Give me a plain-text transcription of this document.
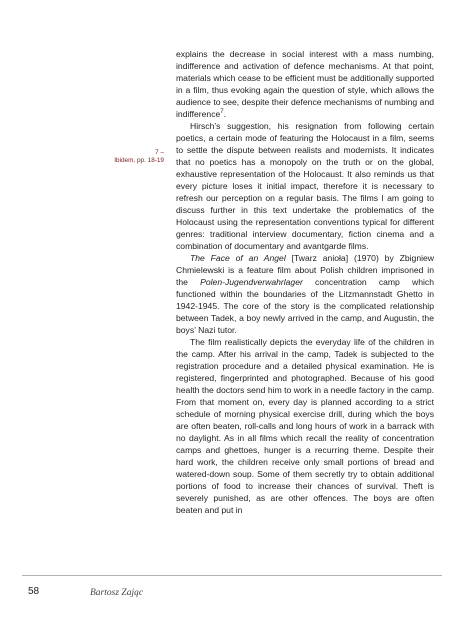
7 –
Ibidem, pp. 18-19

explains the decrease in social interest with a mass numbing, indifference and activation of defence mechanisms. At that point, materials which cease to be efficient must be additionally supported in a film, thus evoking again the question of style, which allows the audience to see, despite their defence mechanisms of numbing and indifference$^7$.

Hirsch’s suggestion, his resignation from following certain poetics, a certain mode of featuring the Holocaust in a film, seems to settle the dispute between realists and modernists. It indicates that no poetics has a monopoly on the truth or on the global, exhaustive representation of the Holocaust. It also reminds us that every picture loses it initial impact, therefore it is necessary to refresh our perception on a regular basis. The films I am going to discuss further in this text undertake the problematics of the Holocaust using the representation conventions typical for different genres: traditional interview documentary, fiction cinema and a combination of documentary and avantgarde films.

The Face of an Angel [Twarz anioła] (1970) by Zbigniew Chmielewski is a feature film about Polish children imprisoned in the Polen-Jugendverwahrlager concentration camp which functioned within the boundaries of the Litzmannstadt Ghetto in 1942-1945. The core of the story is the complicated relationship between Tadek, a boy newly arrived in the camp, and Augustin, the boys’ Nazi tutor.

The film realistically depicts the everyday life of the children in the camp. After his arrival in the camp, Tadek is subjected to the registration procedure and a detailed physical examination. He is registered, fingerprinted and photographed. Because of his good health the doctors send him to work in a needle factory in the camp. From that moment on, every day is planned according to a strict schedule of morning physical exercise drill, during which the boys are often beaten, roll-calls and long hours of work in a barrack with no daylight. As in all films which recall the reality of concentration camps and ghettoes, hunger is a recurring theme. Despite their hard work, the children receive only small portions of bread and watered-down soup. Some of them secretly try to obtain additional portions of food to increase their chances of survival. Theft is severely punished, as are other offences. The boys are often beaten and put in

58	Bartosz Zając
